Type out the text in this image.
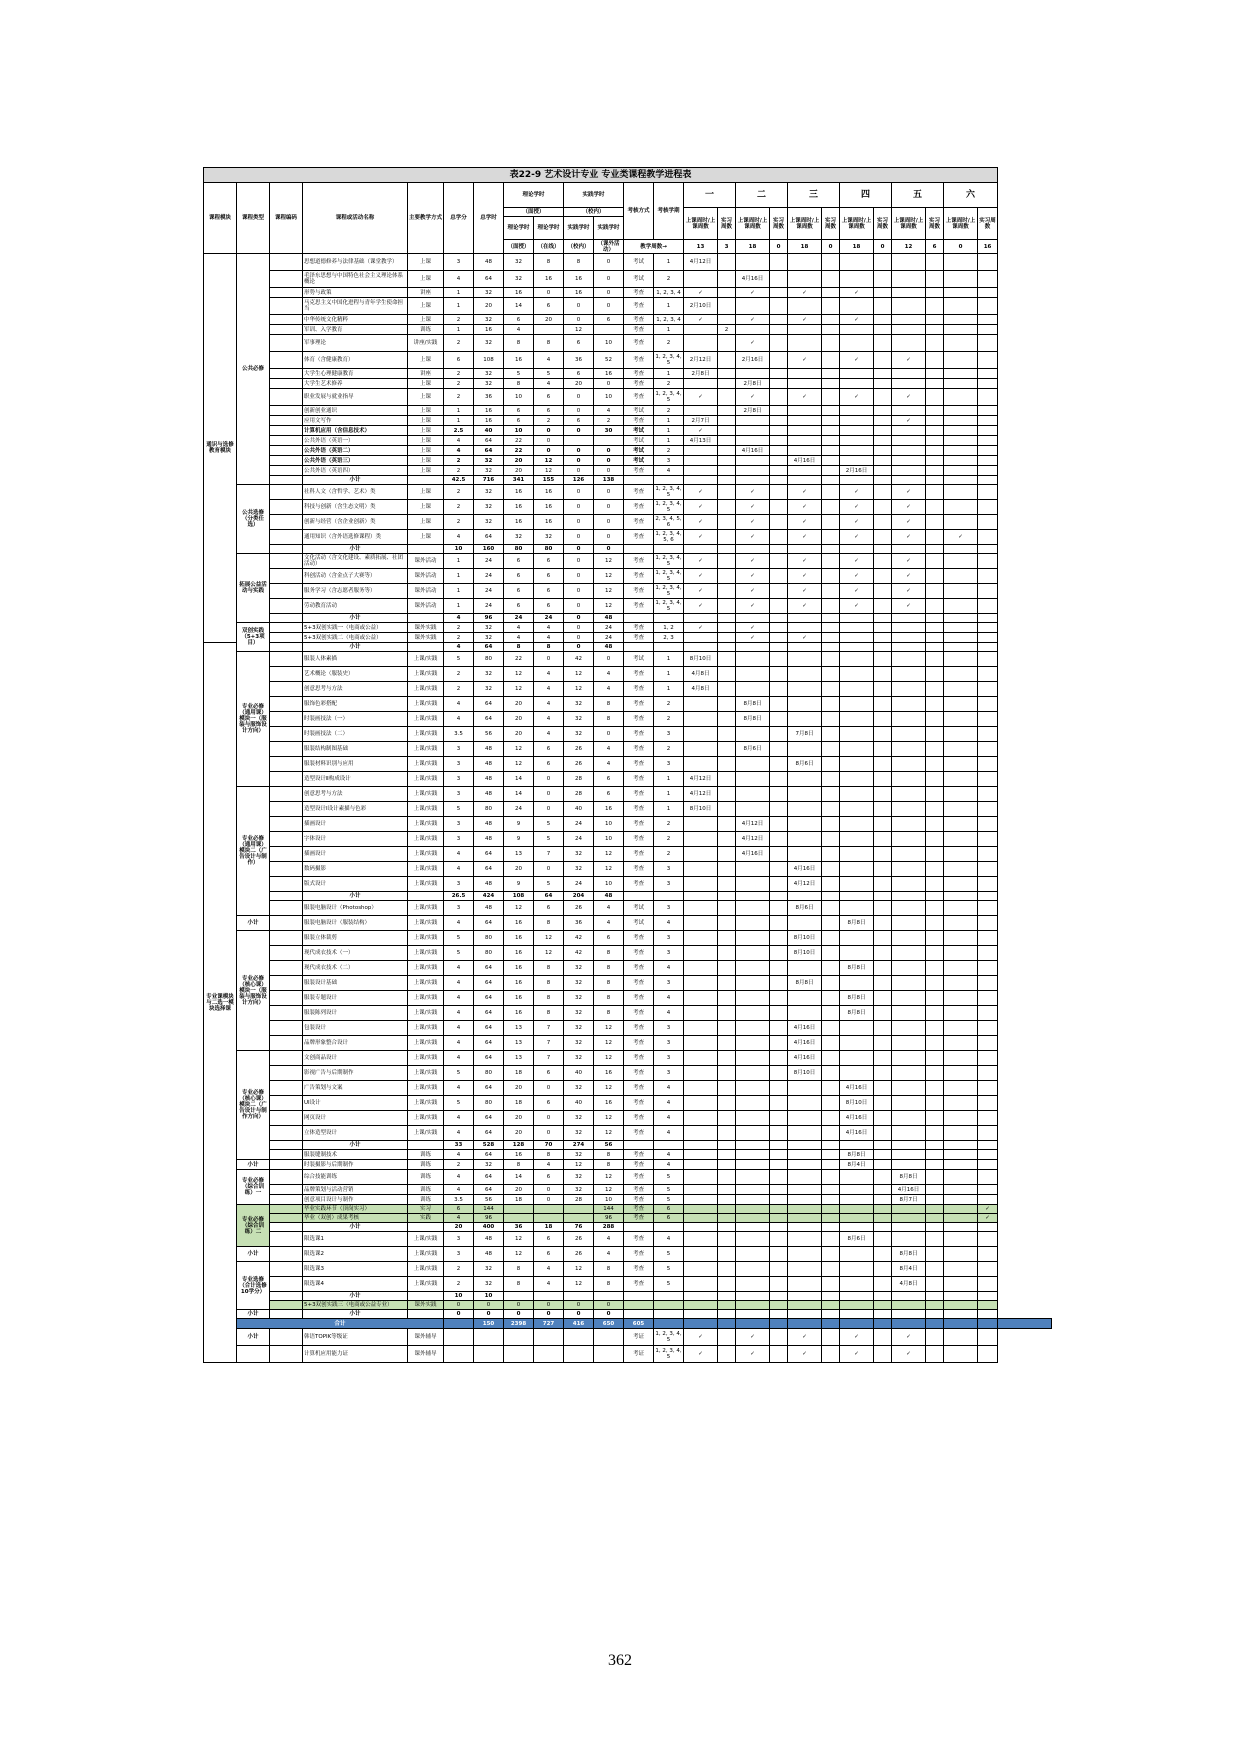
表22-9 艺术设计专业 专业类课程教学进程表																									
课程模块	课程类型	课程编码	课程或活动名称	主要教学方式	总学分	总学时	理论学时		实践学时		考核方式	考核学期	一		二		三		四		五		六		
							（面授）		（校内）				上课周时/上课周数	实习周数	上课周时/上课周数	实习周数	上课周时/上课周数	实习周数	上课周时/上课周数	实习周数	上课周时/上课周数	实习周数	上课周时/上课周数	实习周数	
							理论学时	理论学时	实践学时	实践学时															
							（面授）	（在线）	（校内）	（课外活动）	教学周数→		13	3	18	0	18	0	18	0	12	6	0	16	
通识与选修教育模块	公共必修		思想道德修养与法律基础（课堂教学）	上课	3	48	32	8	8	0	考试	1	4月12日												
			毛泽东思想与中国特色社会主义理论体系概论	上课	4	64	32	16	16	0	考试	2			4月16日										
			形势与政策	讲座	1	32	16	0	16	0	考查	1, 2, 3, 4	✓		✓		✓		✓						
			马克思主义中国化进程与青年学生使命担当	上课	1	20	14	6	0	0	考查	1	2月10日												
			中华传统文化精粹	上课	2	32	6	20	0	6	考查	1, 2, 3, 4	✓		✓		✓		✓						
			军训、入学教育	训练	1	16	4		12		考查	1		2											
			军事理论	讲座/实践	2	32	8	8	6	10	考查	2			✓										
			体育（含健康教育）	上课	6	108	16	4	36	52	考查	1, 2, 3, 4, 5	2月12日		2月16日		✓		✓		✓				
			大学生心理健康教育	讲座	2	32	5	5	6	16	考查	1	2月8日												
			大学生艺术修养	上课	2	32	8	4	20	0	考查	2			2月8日										
			职业发展与就业指导	上课	2	36	10	6	0	10	考查	1, 2, 3, 4, 5	✓		✓		✓		✓		✓				
			创新创业通识	上课	1	16	6	6	0	4	考试	2			2月8日										
			应用文写作	上课	1	16	6	2	6	2	考查	1	2月7日								✓				
			计算机应用（含信息技术）	上课	2.5	40	10	0	0	30	考试	1	✓												
			公共外语（英语一）	上课	4	64	22	0			考试	1	4月13日												
			公共外语（英语二）	上课	4	64	22	0	0	0	考试	2			4月16日										
			公共外语（英语三）	上课	2	32	20	12	0	0	考试	3					4月16日								
			公共外语（英语四）	上课	2	32	20	12	0	0	考查	4							2月16日						
			小计		42.5	716	341	155	126	138															
	公共选修（分类任选）		社科人文（含哲学、艺术）类	上课	2	32	16	16	0	0	考查	1, 2, 3, 4, 5	✓		✓		✓		✓		✓				
			科技与创新（含生态文明）类	上课	2	32	16	16	0	0	考查	1, 2, 3, 4, 5	✓		✓		✓		✓		✓				
			创新与经营（含企业创新）类	上课	2	32	16	16	0	0	考查	2, 3, 4, 5, 6	✓		✓		✓		✓		✓				
			通用知识（含外语选修课程）类	上课	4	64	32	32	0	0	考查	1, 2, 3, 4, 5, 6	✓		✓		✓		✓		✓		✓		
			小计		10	160	80	80	0	0															
	拓展公益活动与实践		文化活动（含文化建设、素质拓展、社团活动）	课外活动	1	24	6	6	0	12	考查	1, 2, 3, 4, 5	✓		✓		✓		✓		✓				
			科创活动（含金点子大赛等）	课外活动	1	24	6	6	0	12	考查	1, 2, 3, 4, 5	✓		✓		✓		✓		✓				
			服务学习（含志愿者服务等）	课外活动	1	24	6	6	0	12	考查	1, 2, 3, 4, 5	✓		✓		✓		✓		✓				
			劳动教育活动	课外活动	1	24	6	6	0	12	考查	1, 2, 3, 4, 5	✓		✓		✓		✓		✓				
			小计		4	96	24	24	0	48															
	双创实践（5+3项目）		5+3双创实践一（电商或公益）	课外实践	2	32	4	4	0	24	考查	1, 2	✓		✓										
			5+3双创实践二（电商或公益）	课外实践	2	32	4	4	0	24	考查	2, 3			✓		✓								
专业课模块与二选一模块选择课			小计		4	64	8	8	0	48															
	专业必修（通用课）模块一（服装与服饰设计方向）		服装人体素描	上课/实践	5	80	22	0	42	0	考试	1	8月10日												
			艺术概论（服装史）	上课/实践	2	32	12	4	12	4	考查	1	4月8日												
			创意思考与方法	上课/实践	2	32	12	4	12	4	考查	1	4月8日												
			服饰色彩搭配	上课/实践	4	64	20	4	32	8	考查	2			8月8日										
			时装画技法（一）	上课/实践	4	64	20	4	32	8	考查	2			8月8日										
			时装画技法（二）	上课/实践	3.5	56	20	4	32	0	考查	3					7月8日								
			服装结构制图基础	上课/实践	3	48	12	6	26	4	考查	2			8月6日										
			服装材料识别与应用	上课/实践	3	48	12	6	26	4	考查	3					8月6日								
			造型设计Ⅱ构成设计	上课/实践	3	48	14	0	28	6	考查	1	4月12日												
	专业必修（通用课）模块二（广告设计与制作）		创意思考与方法	上课/实践	3	48	14	0	28	6	考查	1	4月12日												
			造型设计Ⅰ设计素描与色彩	上课/实践	5	80	24	0	40	16	考查	1	8月10日												
			插画设计	上课/实践	3	48	9	5	24	10	考查	2			4月12日										
			字体设计	上课/实践	3	48	9	5	24	10	考查	2			4月12日										
			插画设计	上课/实践	4	64	13	7	32	12	考查	2			4月16日										
			数码摄影	上课/实践	4	64	20	0	32	12	考查	3					4月16日								
			版式设计	上课/实践	3	48	9	5	24	10	考查	3					4月12日								
			小计		26.5	424	108	64	204	48															
			服装电脑设计（Photoshop）	上课/实践	3	48	12	6	26	4	考试	3					8月6日								
	小计		服装电脑设计（服装结构）	上课/实践	4	64	16	8	36	4	考试	4							8月8日						
	专业必修（核心课）模块一（服装与服饰设计方向）		服装立体裁剪	上课/实践	5	80	16	12	42	6	考查	3					8月10日								
			现代成衣技术（一）	上课/实践	5	80	16	12	42	8	考查	3					8月10日								
			现代成衣技术（二）	上课/实践	4	64	16	8	32	8	考查	4							8月8日						
			服装设计基础	上课/实践	4	64	16	8	32	8	考查	3					8月8日								
			服装专题设计	上课/实践	4	64	16	8	32	8	考查	4							8月8日						
			服装陈列设计	上课/实践	4	64	16	8	32	8	考查	4							8月8日						
			包装设计	上课/实践	4	64	13	7	32	12	考查	3					4月16日								
			品牌形象整合设计	上课/实践	4	64	13	7	32	12	考查	3					4月16日								
	专业必修（核心课）模块二（广告设计与制作方向）		文创商品设计	上课/实践	4	64	13	7	32	12	考查	3					4月16日								
			影视广告与后期制作	上课/实践	5	80	18	6	40	16	考查	3					8月10日								
			广告策划与文案	上课/实践	4	64	20	0	32	12	考查	4							4月16日						
			UI设计	上课/实践	5	80	18	6	40	16	考查	4							8月10日						
			网页设计	上课/实践	4	64	20	0	32	12	考查	4							4月16日						
			立体造型设计	上课/实践	4	64	20	0	32	12	考查	4							4月16日						
			小计		33	528	128	70	274	56															
			服装缝制技术	训练	4	64	16	8	32	8	考查	4							8月8日						
	小计		时装摄影与后期制作	训练	2	32	8	4	12	8	考查	4							8月4日						
	专业必修（综合训练）一		综合技能训练	训练	4	64	14	6	32	12	考查	5									8月8日				
			品牌策划与活动营销	训练	4	64	20	0	32	12	考查	5									4月16日				
			创意项目设计与制作	训练	3.5	56	18	0	28	10	考查	5									8月7日				
	专业必修（综合训练）二		毕业实践环节（顶岗实习）	实习	6	144				144	考查	6												✓	
			毕业（双创）成果考核	实践	4	96				96	考查	6												✓	
			小计		20	400	36	18	76	288															
			限选课1	上课/实践	3	48	12	6	26	4	考查	4							8月6日						
	小计		限选课2	上课/实践	3	48	12	6	26	4	考查	5									8月8日				
	专业选修（合计选修10学分）		限选课3	上课/实践	2	32	8	4	12	8	考查	5									8月4日				
			限选课4	上课/实践	2	32	8	4	12	8	考查	5									4月8日				
			小计		10	10																			
			5+3双创实践三（电商或公益专业）	课外实践	0	0	0	0	0	0															
	小计		小计		0	0	0	0	0	0															
	合计					150	2398	727	416	650	605														
	小计		韩语TOPIK等级证	课外辅导							考证	1, 2, 3, 4, 5	✓		✓		✓		✓		✓				
			计算机应用能力证	课外辅导							考证	1, 2, 3, 4, 5	✓		✓		✓		✓		✓				
362
